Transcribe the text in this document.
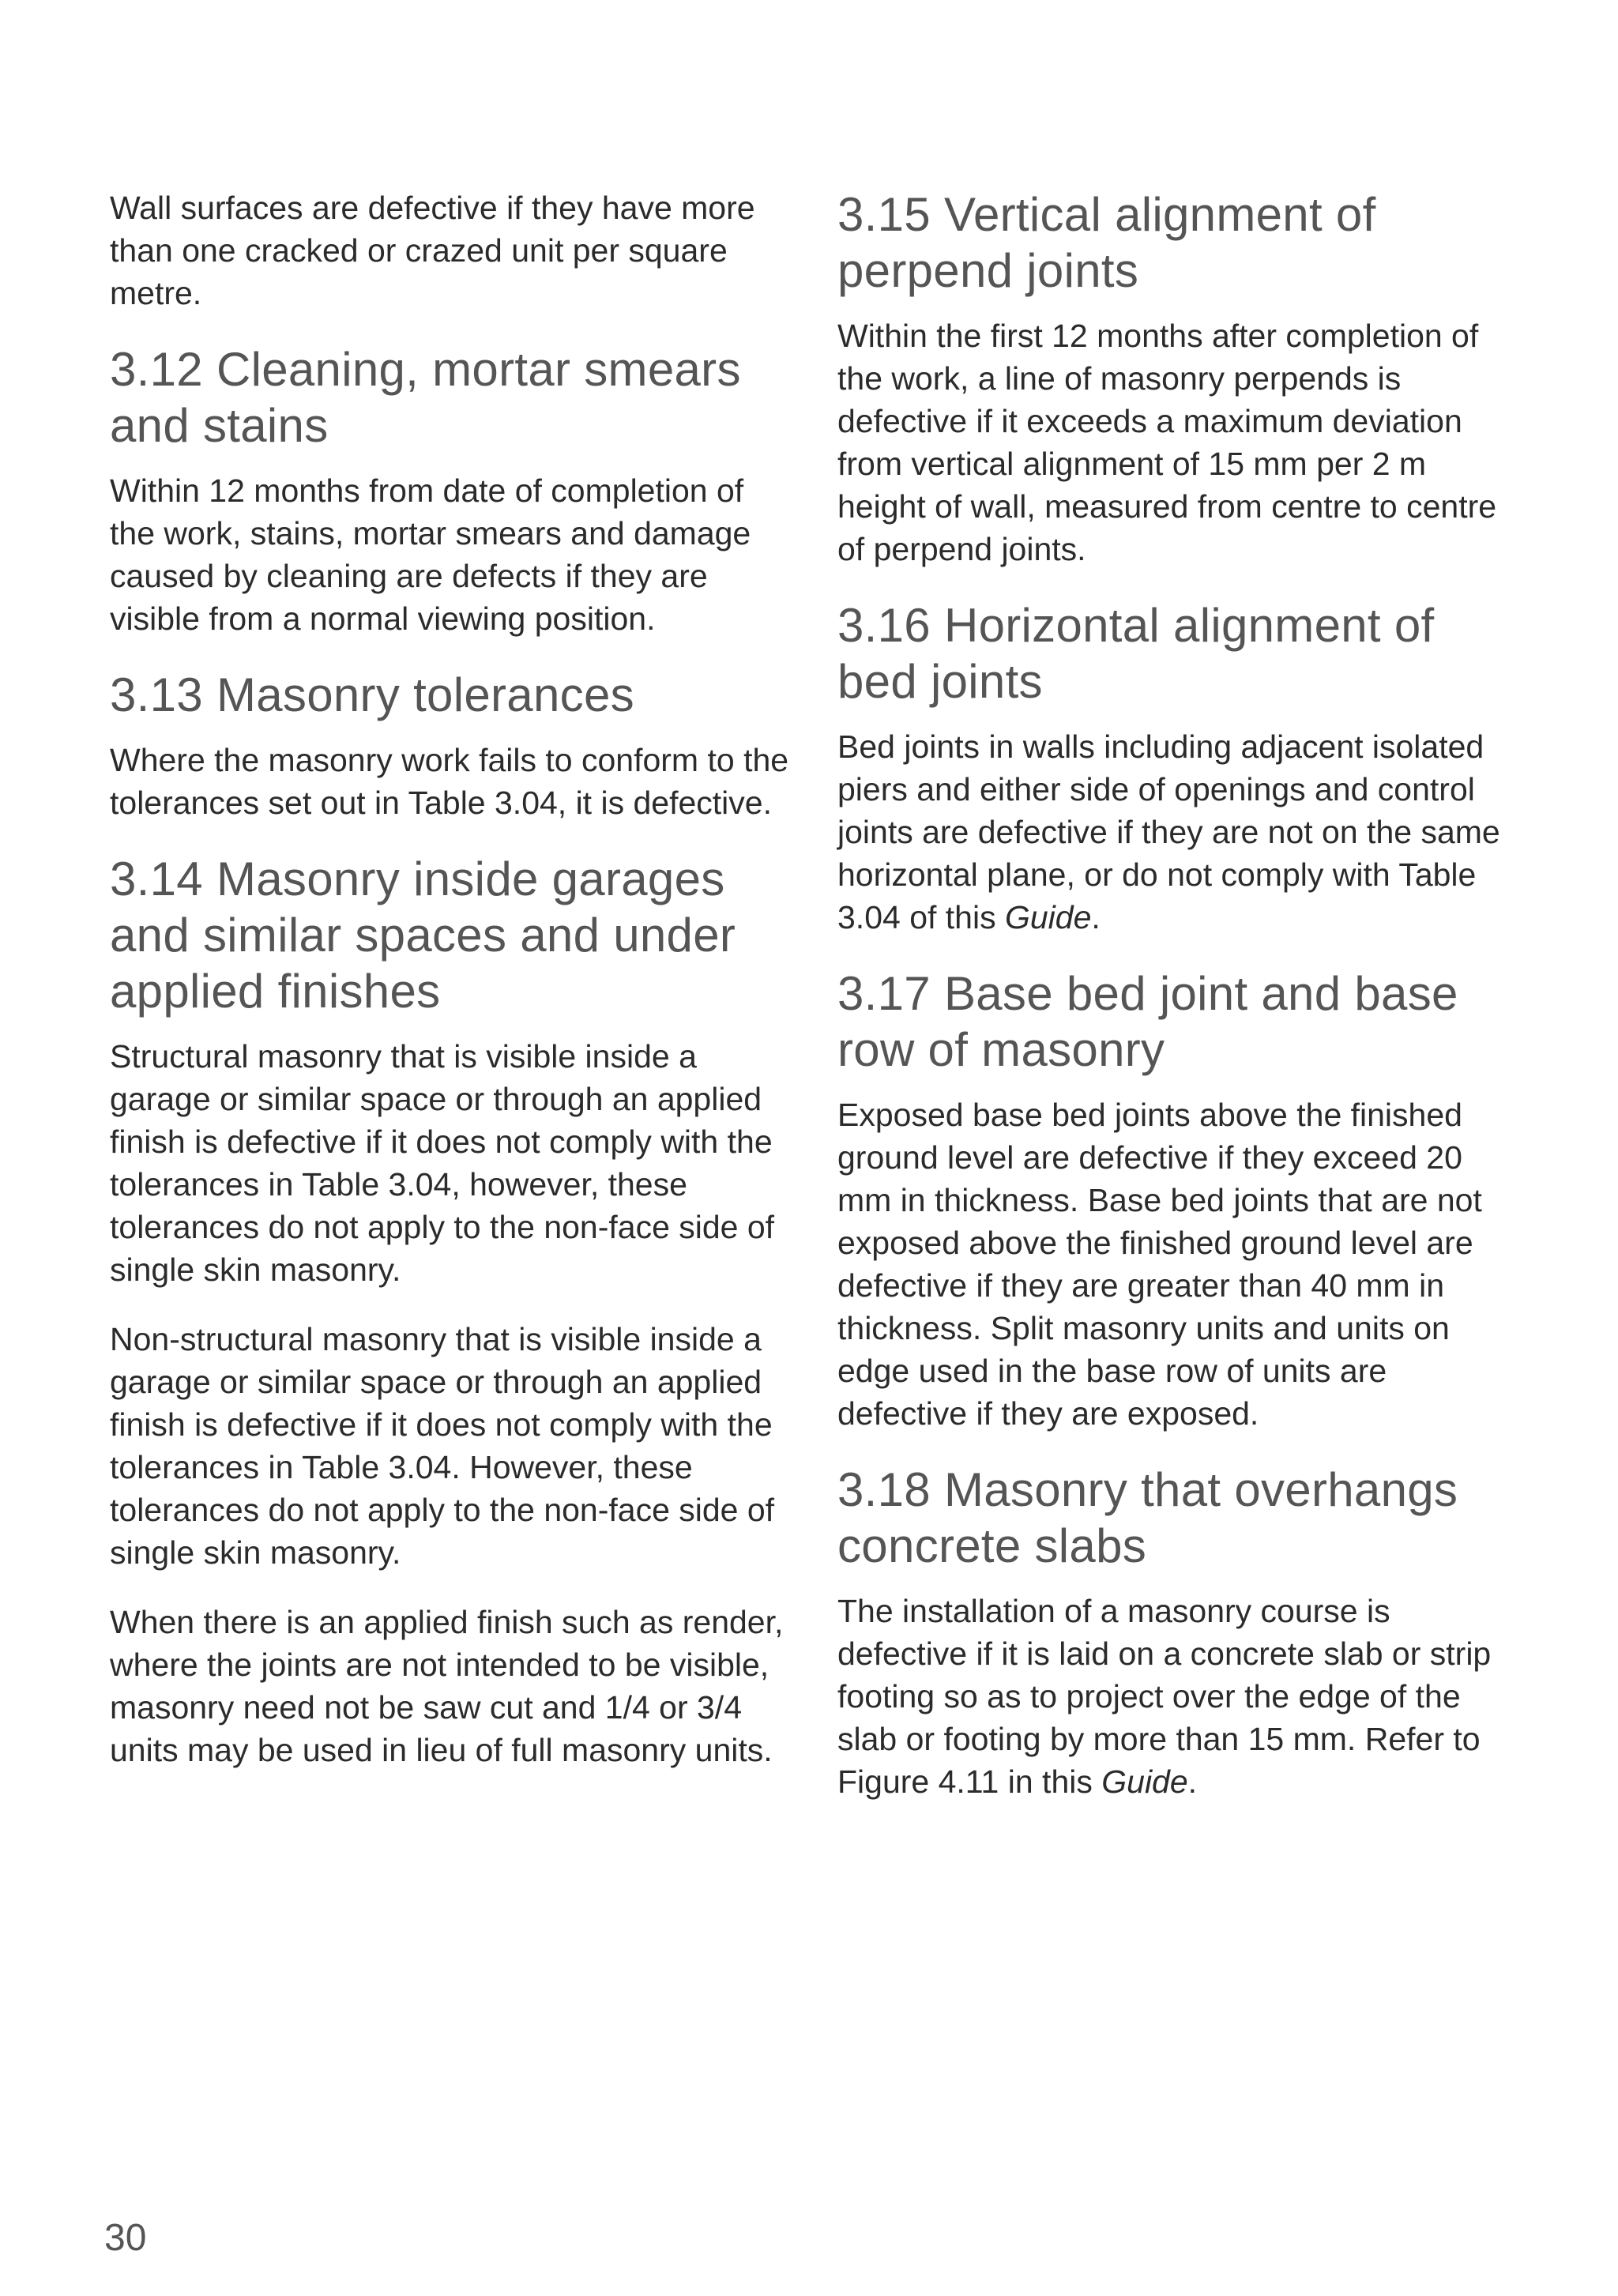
Wall surfaces are defective if they have more than one cracked or crazed unit per square metre.

3.12 Cleaning, mortar smears and stains

Within 12 months from date of completion of the work, stains, mortar smears and damage caused by cleaning are defects if they are visible from a normal viewing position.

3.13 Masonry tolerances

Where the masonry work fails to conform to the tolerances set out in Table 3.04, it is defective.

3.14 Masonry inside garages and similar spaces and under applied finishes

Structural masonry that is visible inside a garage or similar space or through an applied finish is defective if it does not comply with the tolerances in Table 3.04, however, these tolerances do not apply to the non-face side of single skin masonry.

Non-structural masonry that is visible inside a garage or similar space or through an applied finish is defective if it does not comply with the tolerances in Table 3.04. However, these tolerances do not apply to the non-face side of single skin masonry.

When there is an applied finish such as render, where the joints are not intended to be visible, masonry need not be saw cut and 1/4 or 3/4 units may be used in lieu of full masonry units.

3.15 Vertical alignment of perpend joints

Within the first 12 months after completion of the work, a line of masonry perpends is defective if it exceeds a maximum deviation from vertical alignment of 15 mm per 2 m height of wall, measured from centre to centre of perpend joints.

3.16 Horizontal alignment of bed joints

Bed joints in walls including adjacent isolated piers and either side of openings and control joints are defective if they are not on the same horizontal plane, or do not comply with Table 3.04 of this Guide.

3.17 Base bed joint and base row of masonry

Exposed base bed joints above the finished ground level are defective if they exceed 20 mm in thickness. Base bed joints that are not exposed above the finished ground level are defective if they are greater than 40 mm in thickness. Split masonry units and units on edge used in the base row of units are defective if they are exposed.

3.18 Masonry that overhangs concrete slabs

The installation of a masonry course is defective if it is laid on a concrete slab or strip footing so as to project over the edge of the slab or footing by more than 15 mm. Refer to Figure 4.11 in this Guide.

30
